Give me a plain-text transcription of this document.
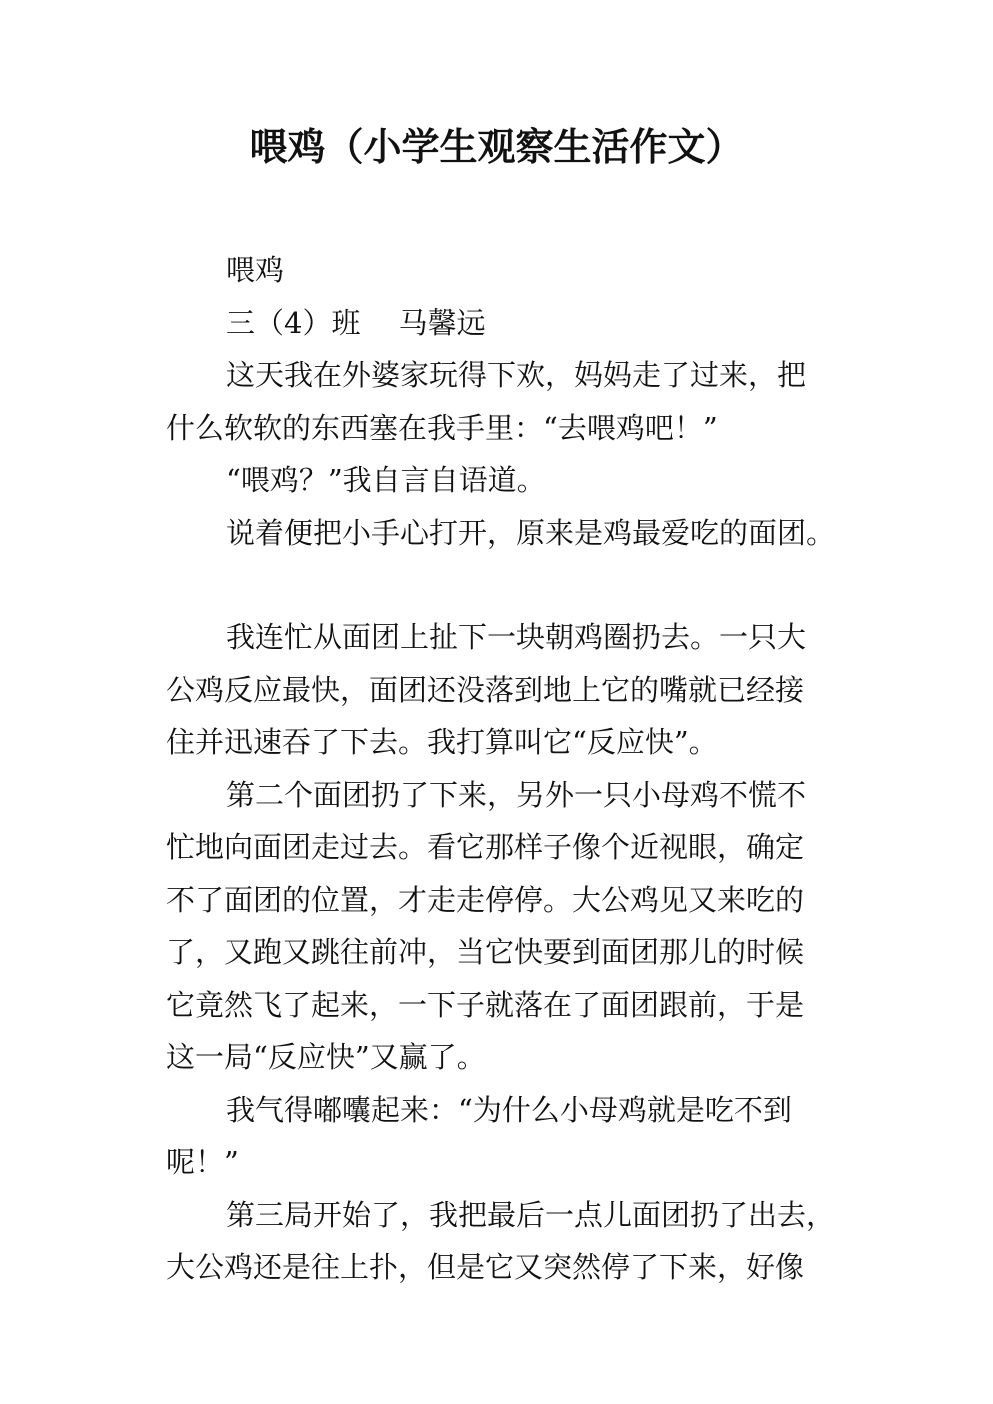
喂鸡（小学生观察生活作文）

喂鸡

三（4）班　 马馨远

这天我在外婆家玩得下欢，妈妈走了过来，把
什么软软的东西塞在我手里：“去喂鸡吧！”

“喂鸡？”我自言自语道。

说着便把小手心打开，原来是鸡最爱吃的面团。

我连忙从面团上扯下一块朝鸡圈扔去。一只大
公鸡反应最快，面团还没落到地上它的嘴就已经接
住并迅速吞了下去。我打算叫它“反应快”。

第二个面团扔了下来，另外一只小母鸡不慌不
忙地向面团走过去。看它那样子像个近视眼，确定
不了面团的位置，才走走停停。大公鸡见又来吃的
了，又跑又跳往前冲，当它快要到面团那儿的时候
它竟然飞了起来，一下子就落在了面团跟前，于是
这一局“反应快”又赢了。

我气得嘟囔起来：“为什么小母鸡就是吃不到
呢！”

第三局开始了，我把最后一点儿面团扔了出去，
大公鸡还是往上扑，但是它又突然停了下来，好像
